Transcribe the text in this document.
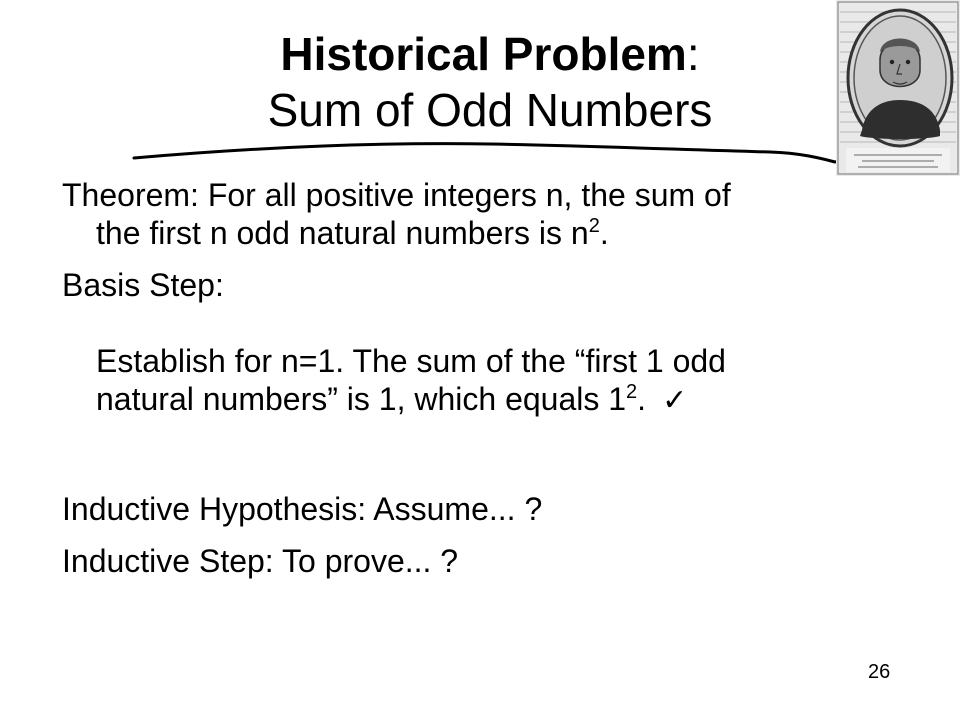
Historical Problem:
Sum of Odd Numbers

Theorem: For all positive integers n, the sum of
the first n odd natural numbers is $n^2$.

Basis Step:

Establish for n=1. The sum of the “first 1 odd
natural numbers” is 1, which equals $1^2$. ✓

Inductive Hypothesis: Assume... ?

Inductive Step: To prove... ?

26
